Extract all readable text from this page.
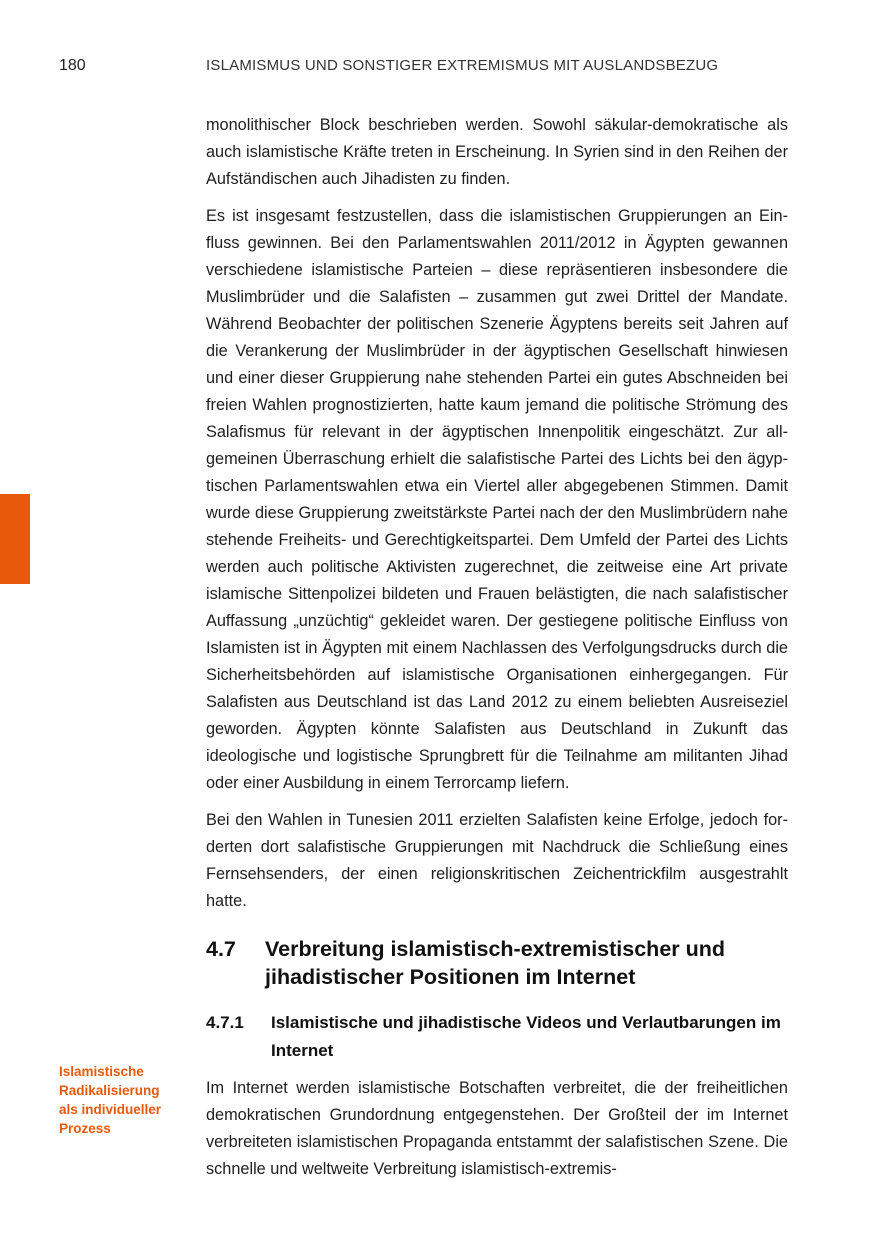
180	ISLAMISMUS UND SONSTIGER EXTREMISMUS MIT AUSLANDSBEZUG

monolithischer Block beschrieben werden. Sowohl säkular-demokratische als auch islamistische Kräfte treten in Erscheinung. In Syrien sind in den Reihen der Aufständischen auch Jihadisten zu finden.

Es ist insgesamt festzustellen, dass die islamistischen Gruppierungen an Einfluss gewinnen. Bei den Parlamentswahlen 2011/2012 in Ägypten gewannen verschiedene islamistische Parteien – diese repräsentieren insbesondere die Muslimbrüder und die Salafisten – zusammen gut zwei Drittel der Mandate. Während Beobachter der politischen Szenerie Ägyptens bereits seit Jahren auf die Verankerung der Muslimbrüder in der ägyptischen Gesellschaft hinwiesen und einer dieser Gruppierung nahe stehenden Partei ein gutes Abschneiden bei freien Wahlen prognostizierten, hatte kaum jemand die politische Strömung des Salafismus für relevant in der ägyptischen Innenpolitik eingeschätzt. Zur allgemeinen Überraschung erhielt die salafistische Partei des Lichts bei den ägyptischen Parlamentswahlen etwa ein Viertel aller abgegebenen Stimmen. Damit wurde diese Gruppierung zweitstärkste Partei nach der den Muslimbrüdern nahe stehende Freiheits- und Gerechtigkeitspartei. Dem Umfeld der Partei des Lichts werden auch politische Aktivisten zugerechnet, die zeitweise eine Art private islamische Sittenpolizei bildeten und Frauen belästigten, die nach salafistischer Auffassung „unzüchtig“ gekleidet waren. Der gestiegene politische Einfluss von Islamisten ist in Ägypten mit einem Nachlassen des Verfolgungsdrucks durch die Sicherheitsbehörden auf islamistische Organisationen einhergegangen. Für Salafisten aus Deutschland ist das Land 2012 zu einem beliebten Ausreiseziel geworden. Ägypten könnte Salafisten aus Deutschland in Zukunft das ideologische und logistische Sprungbrett für die Teilnahme am militanten Jihad oder einer Ausbildung in einem Terrorcamp liefern.

Bei den Wahlen in Tunesien 2011 erzielten Salafisten keine Erfolge, jedoch forderten dort salafistische Gruppierungen mit Nachdruck die Schließung eines Fernsehsenders, der einen religionskritischen Zeichentrickfilm ausgestrahlt hatte.

4.7	Verbreitung islamistisch-extremistischer und jihadistischer Positionen im Internet
4.7.1	Islamistische und jihadistische Videos und Verlautbarungen im Internet

Im Internet werden islamistische Botschaften verbreitet, die der freiheitlichen demokratischen Grundordnung entgegenstehen. Der Großteil der im Internet verbreiteten islamistischen Propaganda entstammt der salafistischen Szene. Die schnelle und weltweite Verbreitung islamistisch-extremis-

Islamistische
Radikalisierung
als individueller
Prozess
